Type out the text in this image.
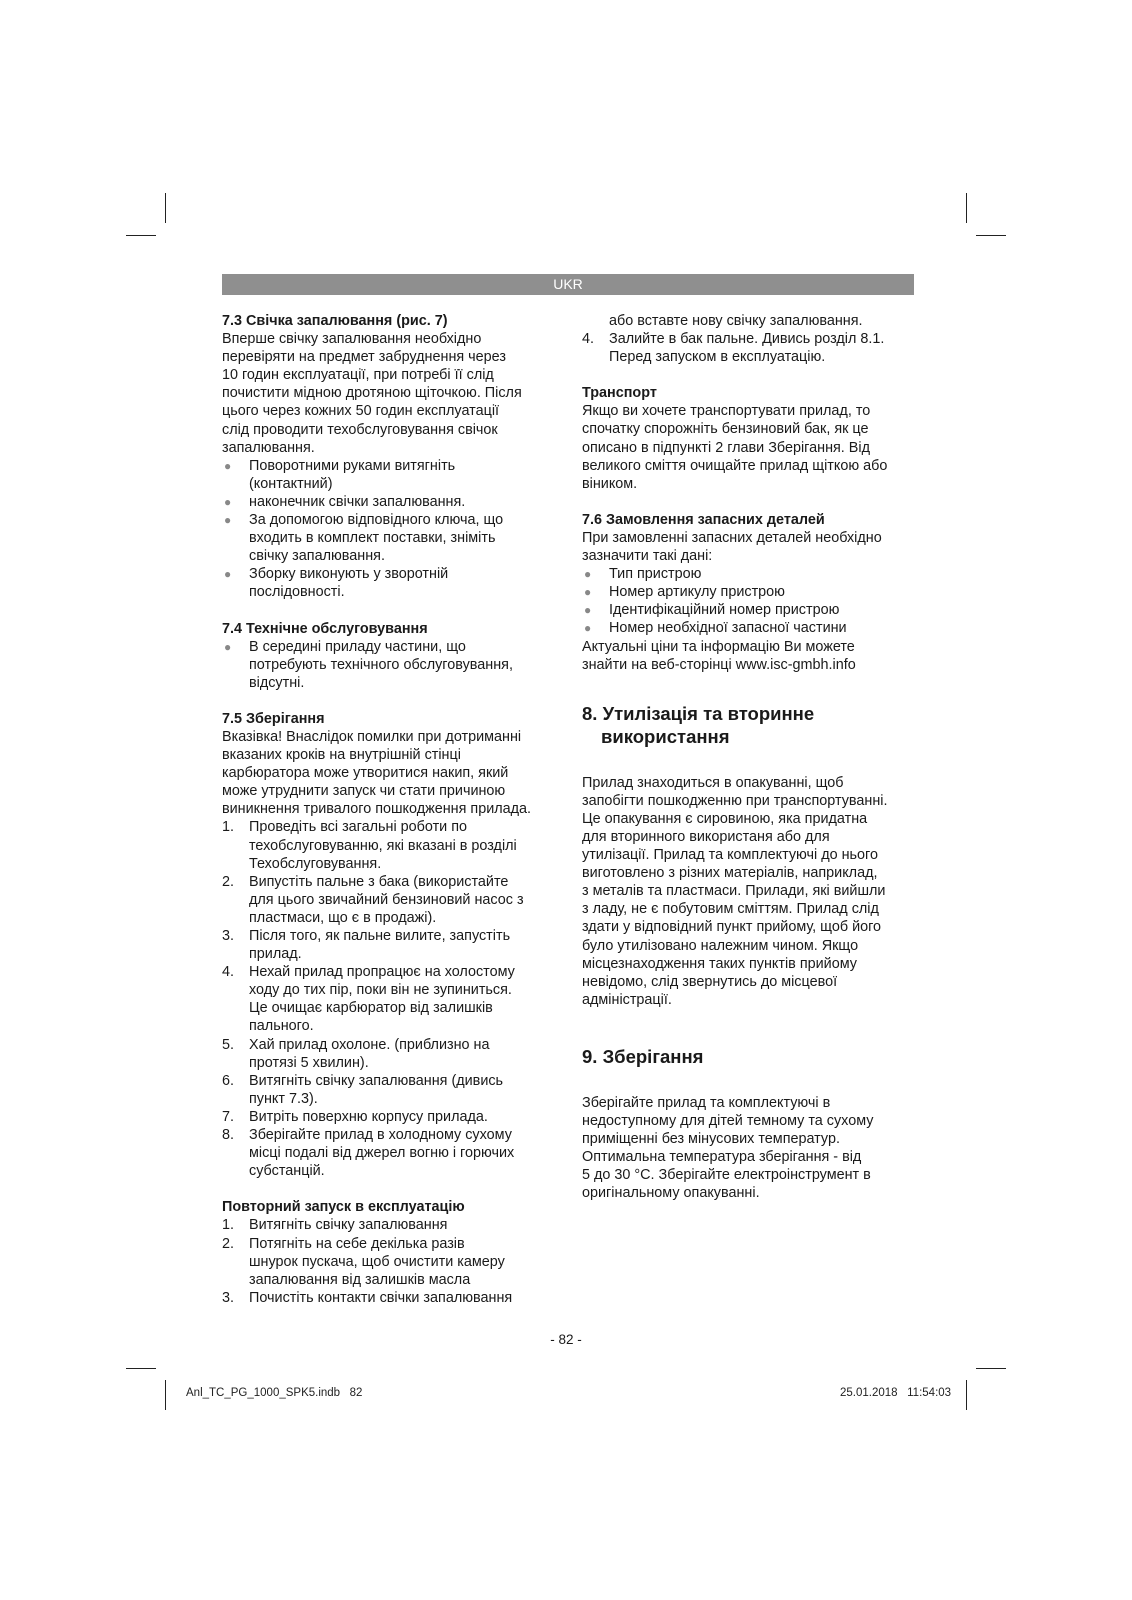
UKR
7.3 Свічка запалювання (рис. 7)
Вперше свічку запалювання необхідно
перевіряти на предмет забруднення через
10 годин експлуатації, при потребі її слід
почистити мідною дротяною щіточкою. Після
цього через кожних 50 годин експлуатації
слід проводити техобслуговування свічок
запалювання.
● Поворотними руками витягніть
(контактний)
● наконечник свічки запалювання.
● За допомогою відповідного ключа, що
входить в комплект поставки, зніміть
свічку запалювання.
● Зборку виконують у зворотній
послідовності.
7.4 Технічне обслуговування
● В середині приладу частини, що
потребують технічного обслуговування,
відсутні.
7.5 Зберігання
Вказівка! Внаслідок помилки при дотриманні
вказаних кроків на внутрішній стінці
карбюратора може утворитися накип, який
може утруднити запуск чи стати причиною
виникнення тривалого пошкодження прилада.
1. Проведіть всі загальні роботи по
техобслуговуванню, які вказані в розділі
Техобслуговування.
2. Випустіть пальне з бака (використайте
для цього звичайний бензиновий насос з
пластмаси, що є в продажі).
3. Після того, як пальне вилите, запустіть
прилад.
4. Нехай прилад пропрацює на холостому
ходу до тих пір, поки він не зупиниться.
Це очищає карбюратор від залишків
пального.
5. Хай прилад охолоне. (приблизно на
протязі 5 хвилин).
6. Витягніть свічку запалювання (дивись
пункт 7.3).
7. Витріть поверхню корпусу прилада.
8. Зберігайте прилад в холодному сухому
місці подалі від джерел вогню і горючих
субстанцій.
Повторний запуск в експлуатацію
1. Витягніть свічку запалювання
2. Потягніть на себе декілька разів
шнурок пускача, щоб очистити камеру
запалювання від залишків масла
3. Почистіть контакти свічки запалювання
або вставте нову свічку запалювання.
4. Залийте в бак пальне. Дивись розділ 8.1.
Перед запуском в експлуатацію.
Транспорт
Якщо ви хочете транспортувати прилад, то
спочатку спорожніть бензиновий бак, як це
описано в підпункті 2 глави Зберігання. Від
великого сміття очищайте прилад щіткою або
віником.
7.6 Замовлення запасних деталей
При замовленні запасних деталей необхідно
зазначити такі дані:
● Тип пристрою
● Номер артикулу пристрою
● Ідентифікаційний номер пристрою
● Номер необхідної запасної частини
Актуальні ціни та інформацію Ви можете
знайти на веб-сторінці www.isc-gmbh.info
8. Утилізація та вторинне
використання
Прилад знаходиться в опакуванні, щоб
запобігти пошкодженню при транспортуванні.
Це опакування є сировиною, яка придатна
для вторинного використаня або для
утилізації. Прилад та комплектуючі до нього
виготовлено з різних матеріалів, наприклад,
з металів та пластмаси. Прилади, які вийшли
з ладу, не є побутовим сміттям. Прилад слід
здати у відповідний пункт прийому, щоб його
було утилізовано належним чином. Якщо
місцезнаходження таких пунктів прийому
невідомо, слід звернутись до місцевої
адміністрації.
9. Зберігання
Зберігайте прилад та комплектуючі в
недоступному для дітей темному та сухому
приміщенні без мінусових температур.
Оптимальна температура зберігання - від
5 до 30 °C. Зберігайте електроінструмент в
оригінальному опакуванні.
- 82 -
Anl_TC_PG_1000_SPK5.indb   82	25.01.2018   11:54:03
